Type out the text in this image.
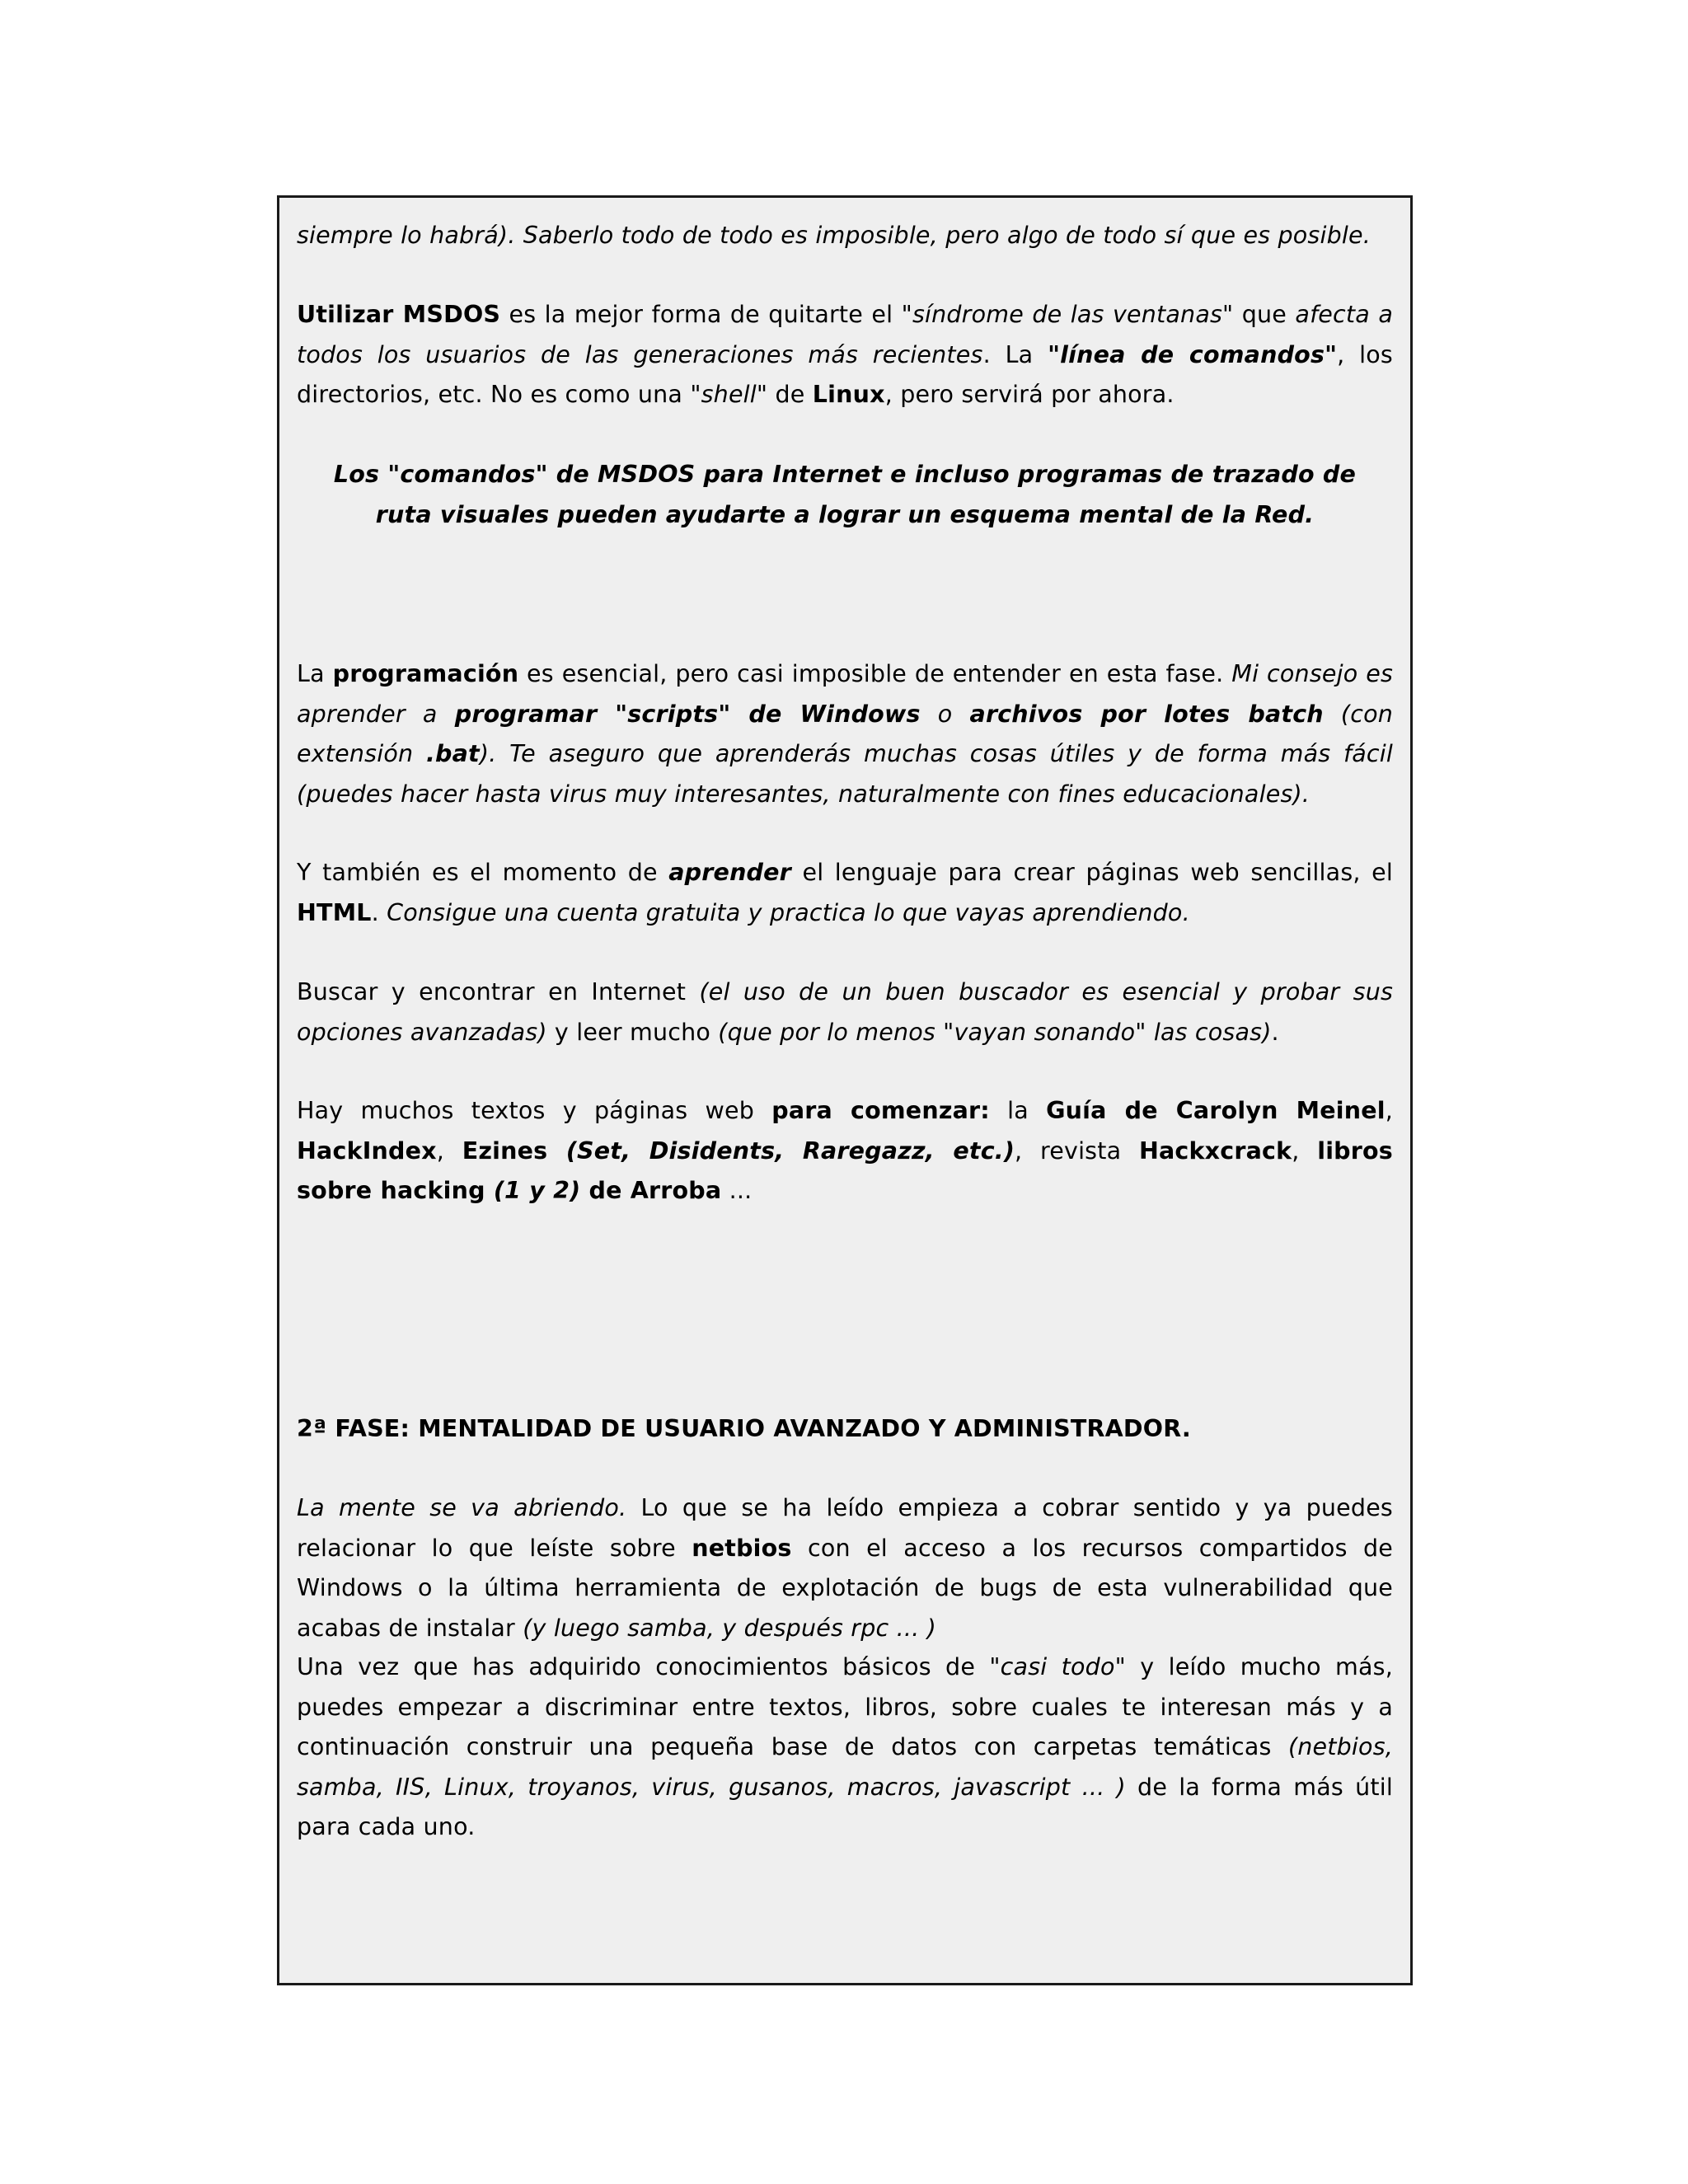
siempre lo habrá). Saberlo todo de todo es imposible, pero algo de todo sí que es posible.

Utilizar MSDOS es la mejor forma de quitarte el "síndrome de las ventanas" que afecta a todos los usuarios de las generaciones más recientes. La "línea de comandos", los directorios, etc. No es como una "shell" de Linux, pero servirá por ahora.

Los "comandos" de MSDOS para Internet e incluso programas de trazado de ruta visuales pueden ayudarte a lograr un esquema mental de la Red.

La programación es esencial, pero casi imposible de entender en esta fase. Mi consejo es aprender a programar "scripts" de Windows o archivos por lotes batch (con extensión .bat). Te aseguro que aprenderás muchas cosas útiles y de forma más fácil (puedes hacer hasta virus muy interesantes, naturalmente con fines educacionales).

Y también es el momento de aprender el lenguaje para crear páginas web sencillas, el HTML. Consigue una cuenta gratuita y practica lo que vayas aprendiendo.

Buscar y encontrar en Internet (el uso de un buen buscador es esencial y probar sus opciones avanzadas) y leer mucho (que por lo menos "vayan sonando" las cosas).

Hay muchos textos y páginas web para comenzar: la Guía de Carolyn Meinel, HackIndex, Ezines (Set, Disidents, Raregazz, etc.), revista Hackxcrack, libros sobre hacking (1 y 2) de Arroba ...

2ª FASE: MENTALIDAD DE USUARIO AVANZADO Y ADMINISTRADOR.

La mente se va abriendo. Lo que se ha leído empieza a cobrar sentido y ya puedes relacionar lo que leíste sobre netbios con el acceso a los recursos compartidos de Windows o la última herramienta de explotación de bugs de esta vulnerabilidad que acabas de instalar (y luego samba, y después rpc ... )

Una vez que has adquirido conocimientos básicos de "casi todo" y leído mucho más, puedes empezar a discriminar entre textos, libros, sobre cuales te interesan más y a continuación construir una pequeña base de datos con carpetas temáticas (netbios, samba, IIS, Linux, troyanos, virus, gusanos, macros, javascript ... ) de la forma más útil para cada uno.
